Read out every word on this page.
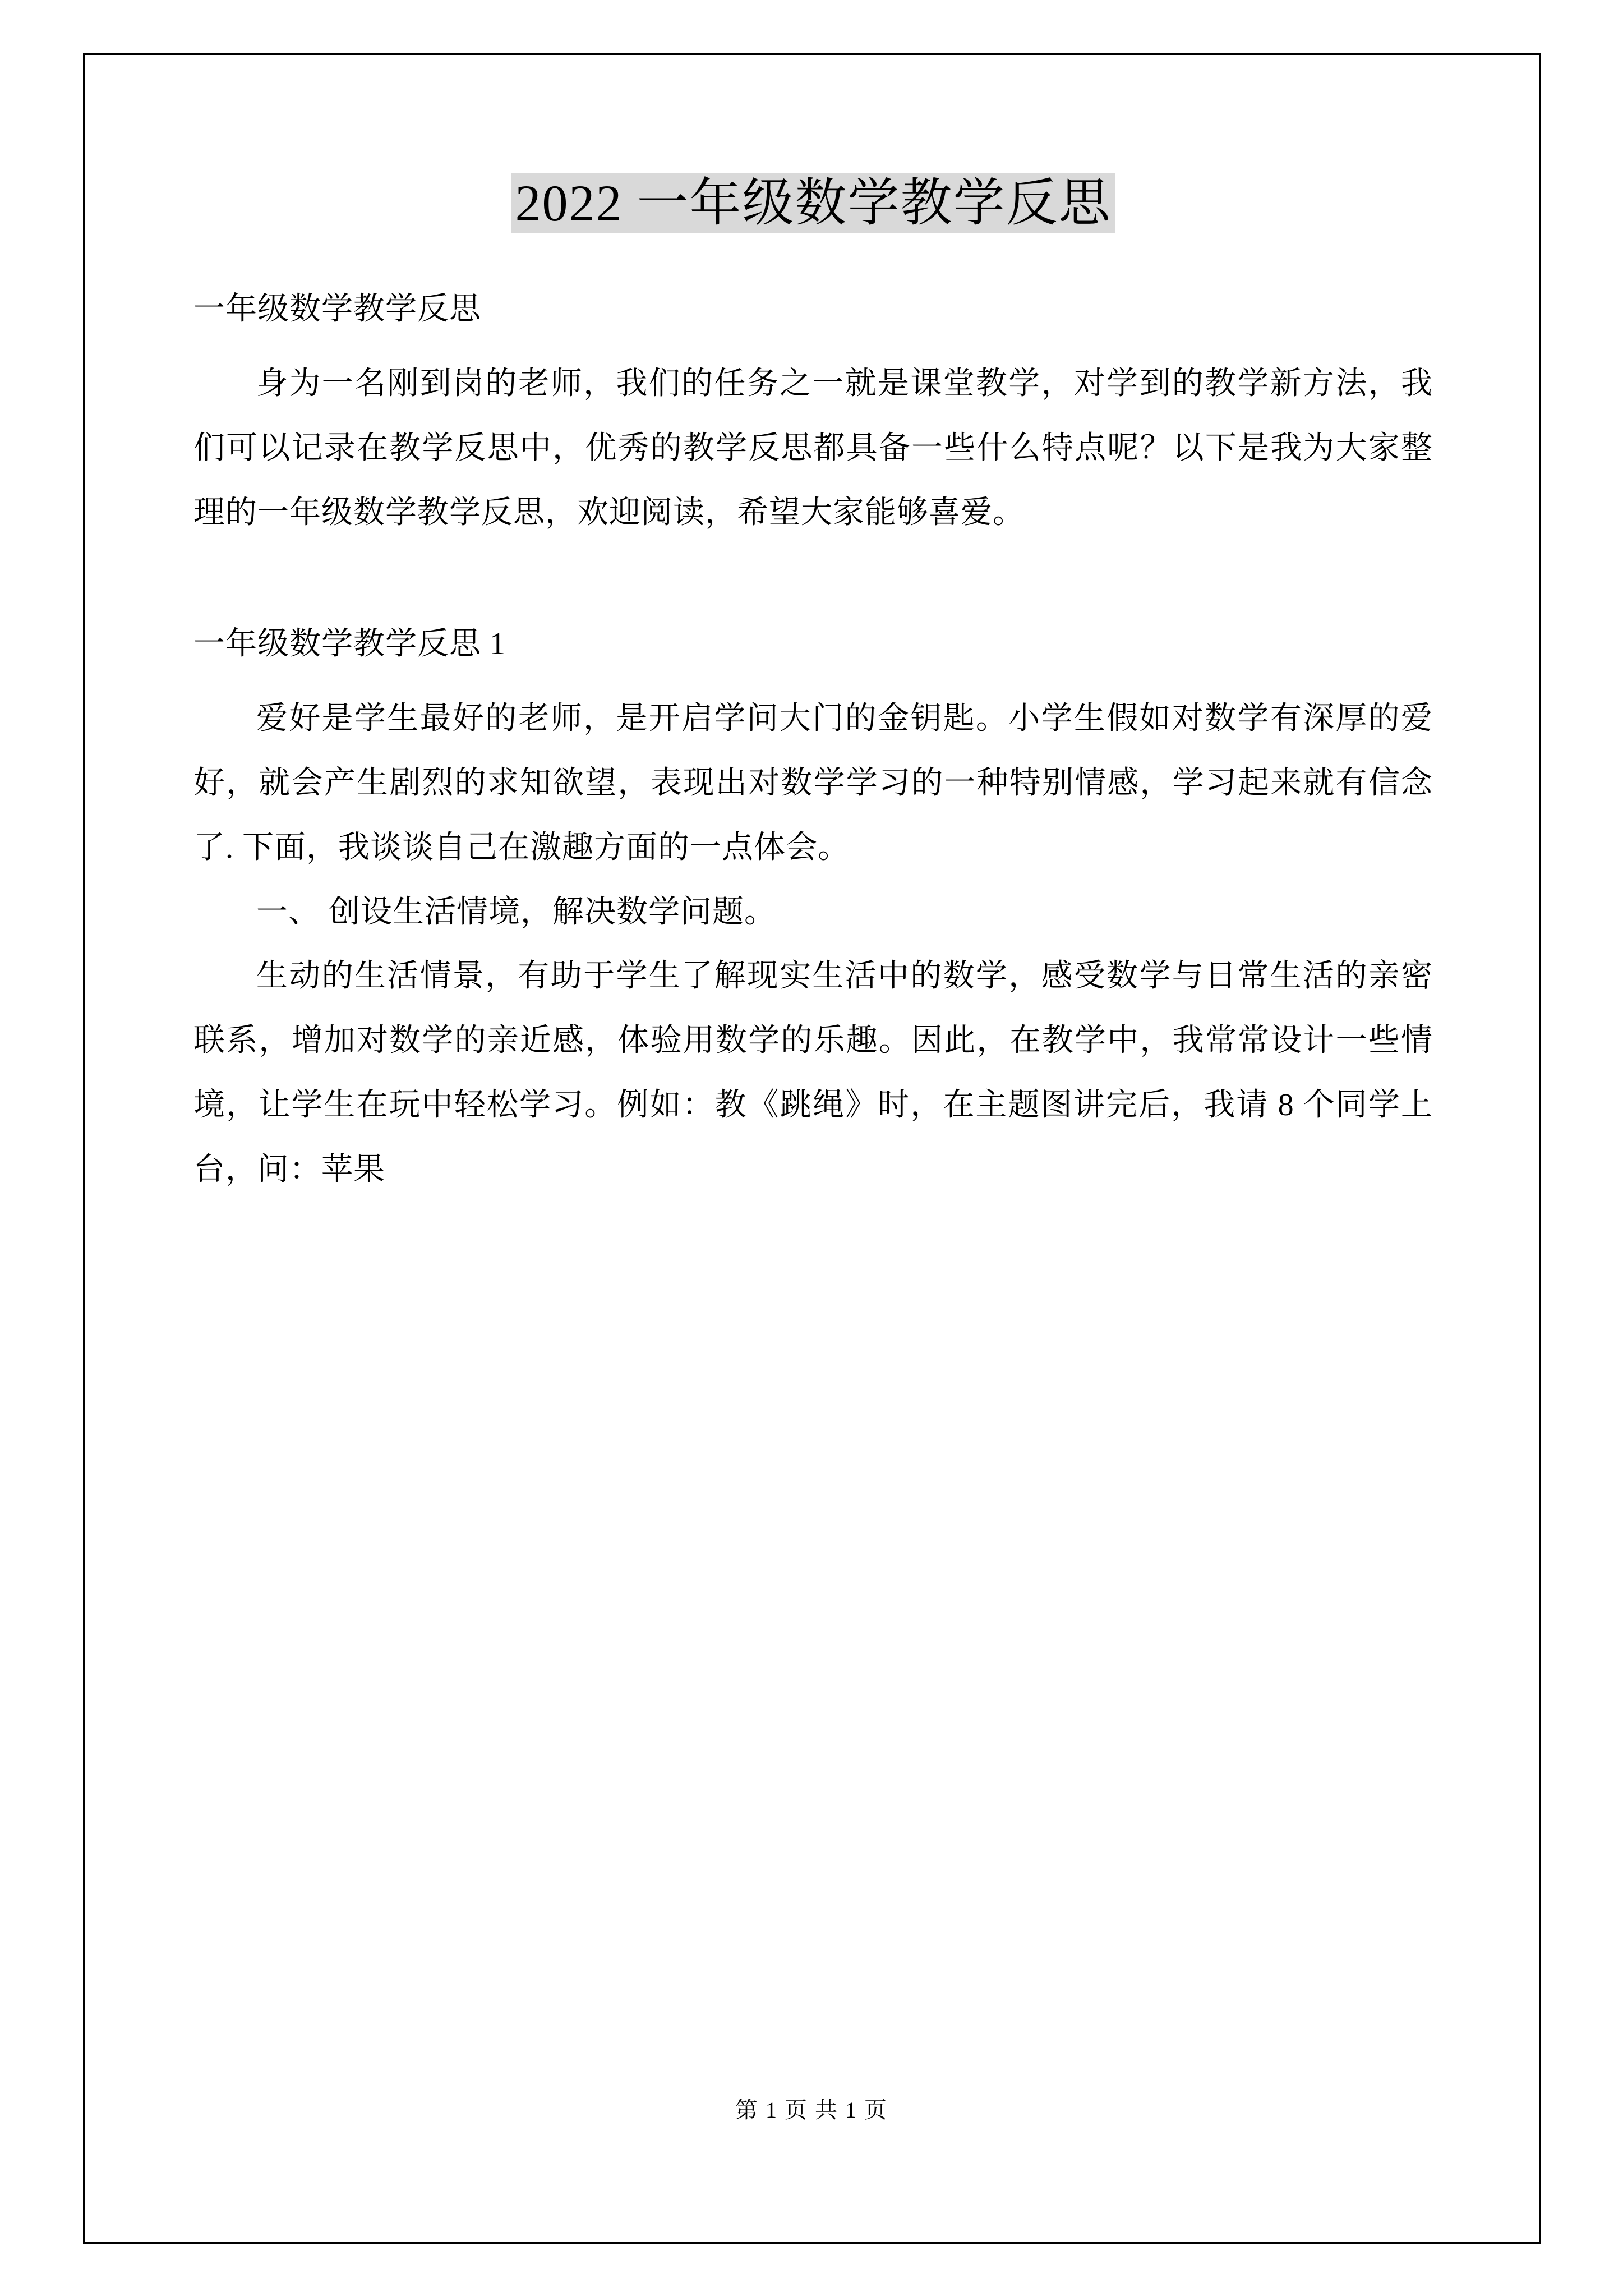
2022 一年级数学教学反思

一年级数学教学反思

身为一名刚到岗的老师，我们的任务之一就是课堂教学，对学到的教学新方法，我们可以记录在教学反思中，优秀的教学反思都具备一些什么特点呢？以下是我为大家整理的一年级数学教学反思，欢迎阅读，希望大家能够喜爱。

一年级数学教学反思 1

爱好是学生最好的老师，是开启学问大门的金钥匙。小学生假如对数学有深厚的爱好，就会产生剧烈的求知欲望，表现出对数学学习的一种特别情感，学习起来就有信念了. 下面，我谈谈自己在激趣方面的一点体会。

一、 创设生活情境，解决数学问题。

生动的生活情景，有助于学生了解现实生活中的数学，感受数学与日常生活的亲密联系，增加对数学的亲近感，体验用数学的乐趣。因此，在教学中，我常常设计一些情境，让学生在玩中轻松学习。例如：教《跳绳》时，在主题图讲完后，我请 8 个同学上台，问：苹果

第 1 页 共 1 页
